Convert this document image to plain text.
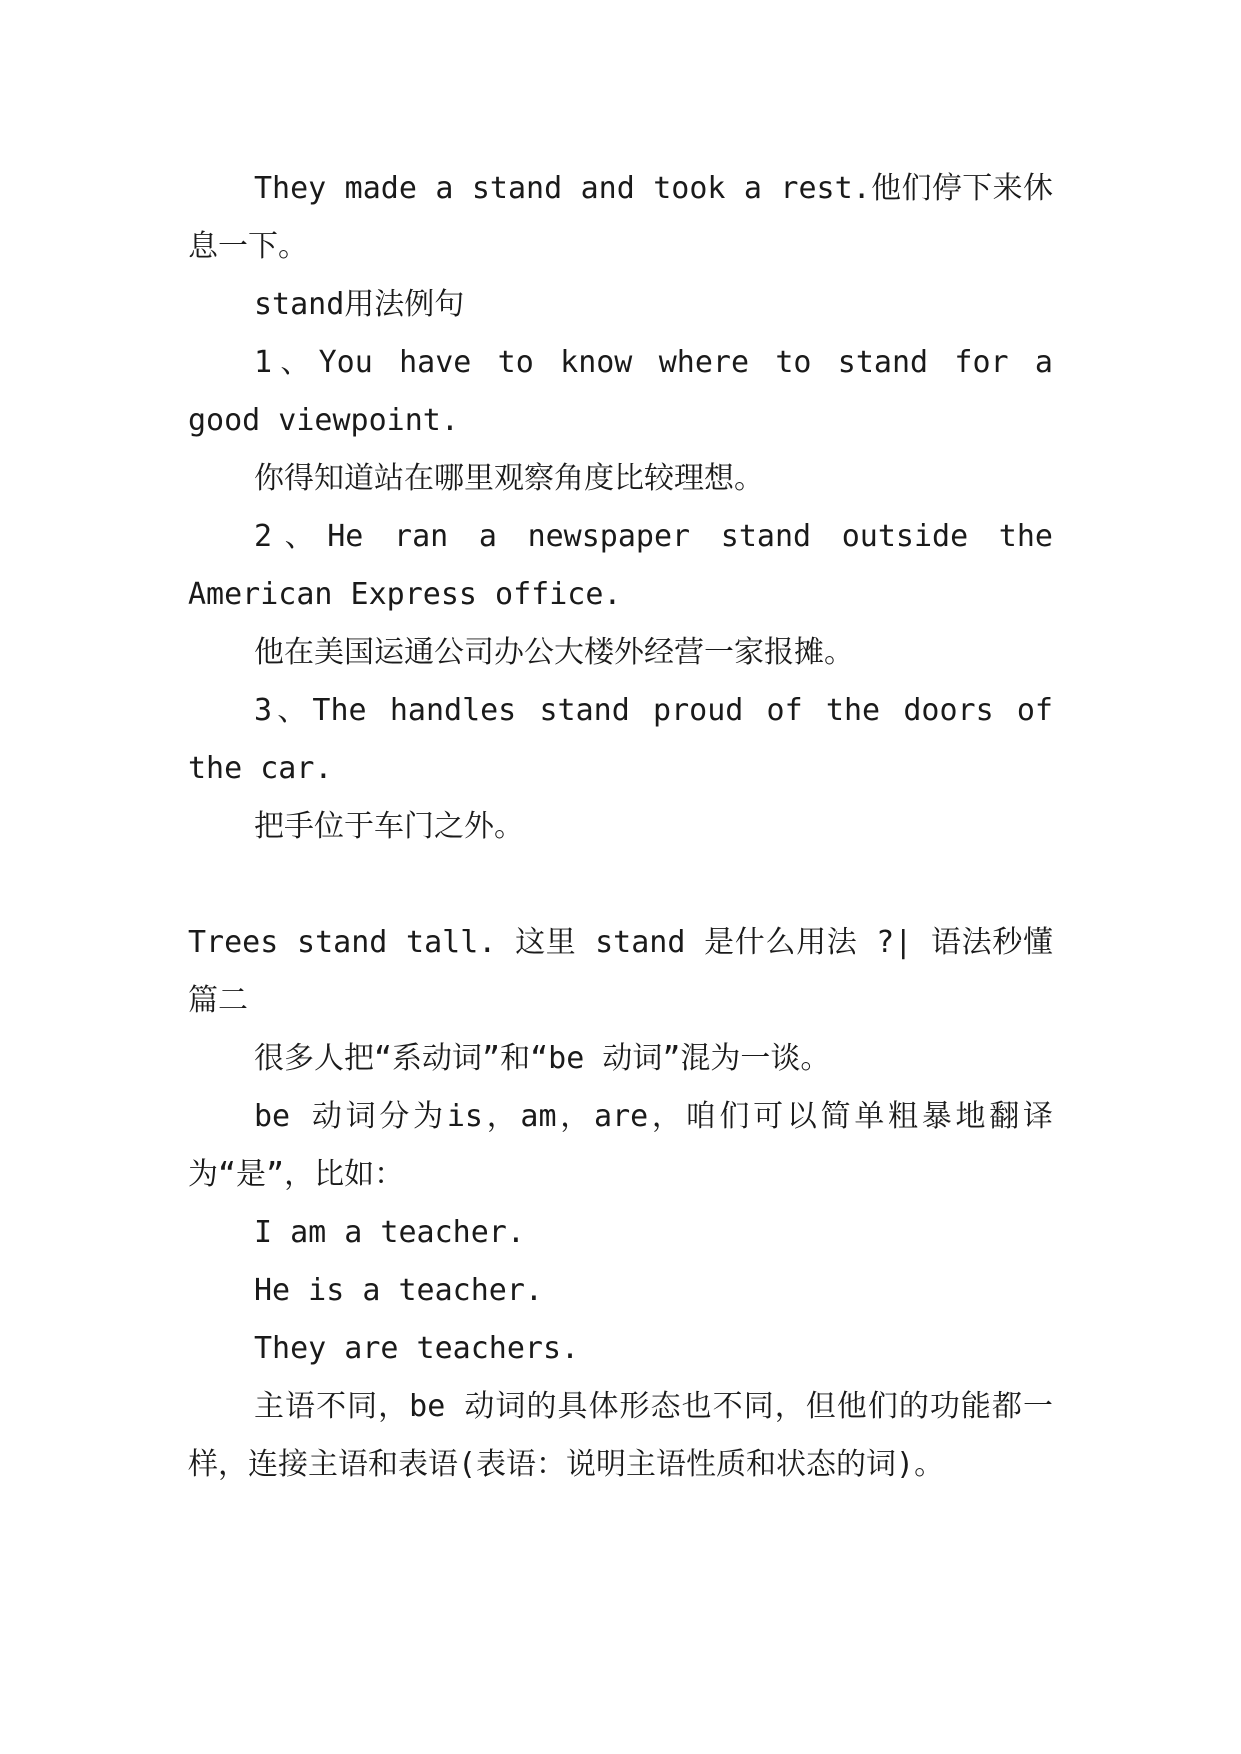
They made a stand and took a rest.他们停下来休息一下。

stand用法例句

1、You have to know where to stand for a good viewpoint.

你得知道站在哪里观察角度比较理想。

2、He ran a newspaper stand outside the American Express office.

他在美国运通公司办公大楼外经营一家报摊。

3、The handles stand proud of the doors of the car.

把手位于车门之外。

Trees stand tall. 这里 stand 是什么用法 ?| 语法秒懂篇二

很多人把“系动词”和“be 动词”混为一谈。

be 动词分为is，am，are，咱们可以简单粗暴地翻译为“是”，比如：

I am a teacher.

He is a teacher.

They are teachers.

主语不同，be 动词的具体形态也不同，但他们的功能都一样，连接主语和表语(表语：说明主语性质和状态的词)。
